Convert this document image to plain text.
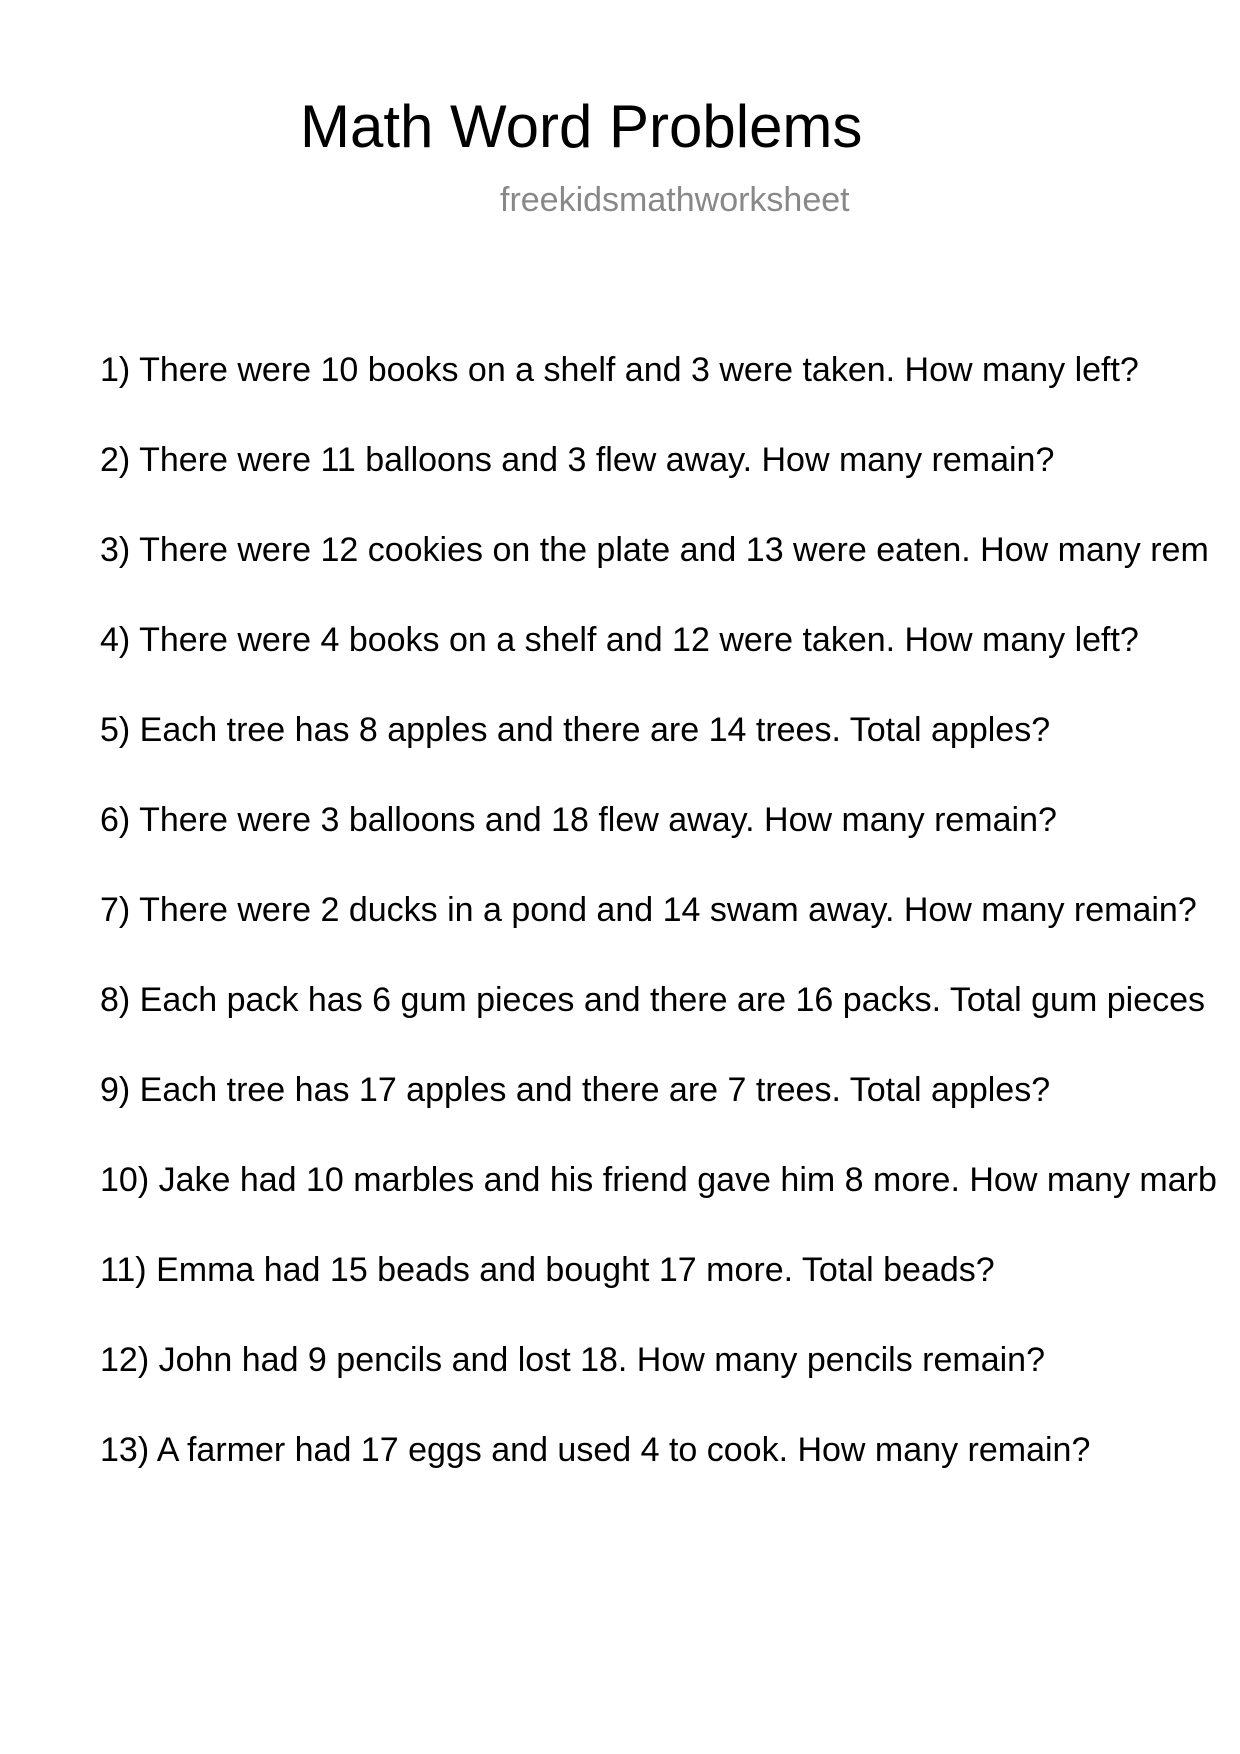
Math Word Problems

freekidsmathworksheet

1) There were 10 books on a shelf and 3 were taken. How many left?
2) There were 11 balloons and 3 flew away. How many remain?
3) There were 12 cookies on the plate and 13 were eaten. How many rem
4) There were 4 books on a shelf and 12 were taken. How many left?
5) Each tree has 8 apples and there are 14 trees. Total apples?
6) There were 3 balloons and 18 flew away. How many remain?
7) There were 2 ducks in a pond and 14 swam away. How many remain?
8) Each pack has 6 gum pieces and there are 16 packs. Total gum pieces
9) Each tree has 17 apples and there are 7 trees. Total apples?
10) Jake had 10 marbles and his friend gave him 8 more. How many marb
11) Emma had 15 beads and bought 17 more. Total beads?
12) John had 9 pencils and lost 18. How many pencils remain?
13) A farmer had 17 eggs and used 4 to cook. How many remain?
